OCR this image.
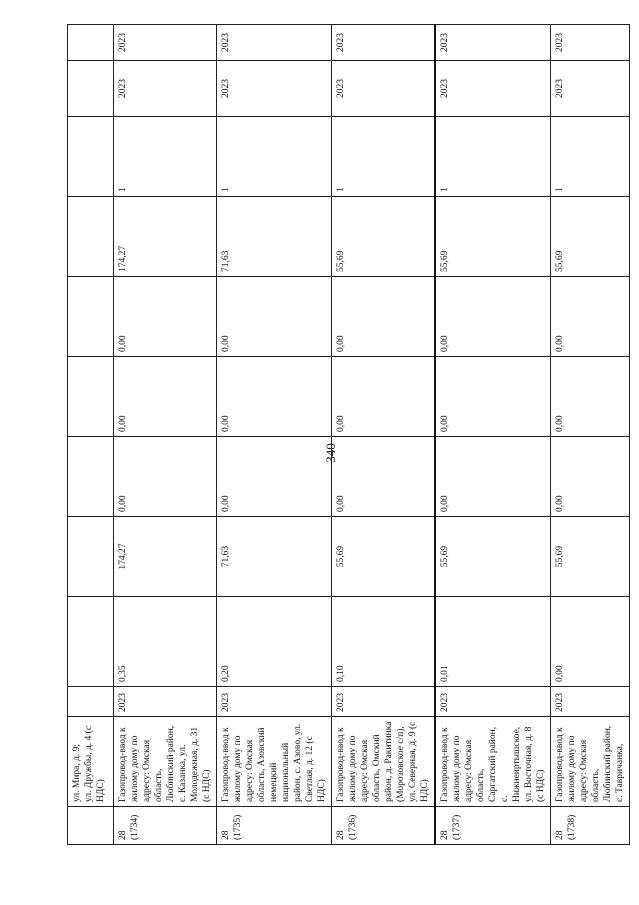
340
	ул. Мира, д. 9;
ул. Дружбы, д. 4 (с НДС)										
28
(1734)	Газопровод-ввод к жилому дому по адресу: Омская область, Любинский район, с. Казанка, ул. Молодежная, д. 31 (с НДС)	2023	0,35	174,27	0,00	0,00	0,00	174,27	1	2023	2023
28
(1735)	Газопровод-ввод к жилому дому по адресу: Омская область, Азовский немецкий национальный район, с. Азово, ул. Светлая, д. 12 (с НДС)	2023	0,20	71,63	0,00	0,00	0,00	71,63	1	2023	2023
28
(1736)	Газопровод-ввод к жилому дому по адресу: Омская область, Омский район, д. Ракитинка (Морозовское с/п), ул. Северная, д. 9 (с НДС)	2023	0,10	55,69	0,00	0,00	0,00	55,69	1	2023	2023
28
(1737)	Газопровод-ввод к жилому дому по адресу: Омская область, Саргатский район, с. Нижнеиртышское, ул. Восточная, д. 8 (с НДС)	2023	0,01	55,69	0,00	0,00	0,00	55,69	1	2023	2023
28
(1738)	Газопровод-ввод к жилому дому по адресу: Омская область, Любинский район, с. Тавричанка,	2023	0,00	55,69	0,00	0,00	0,00	55,69	1	2023	2023
